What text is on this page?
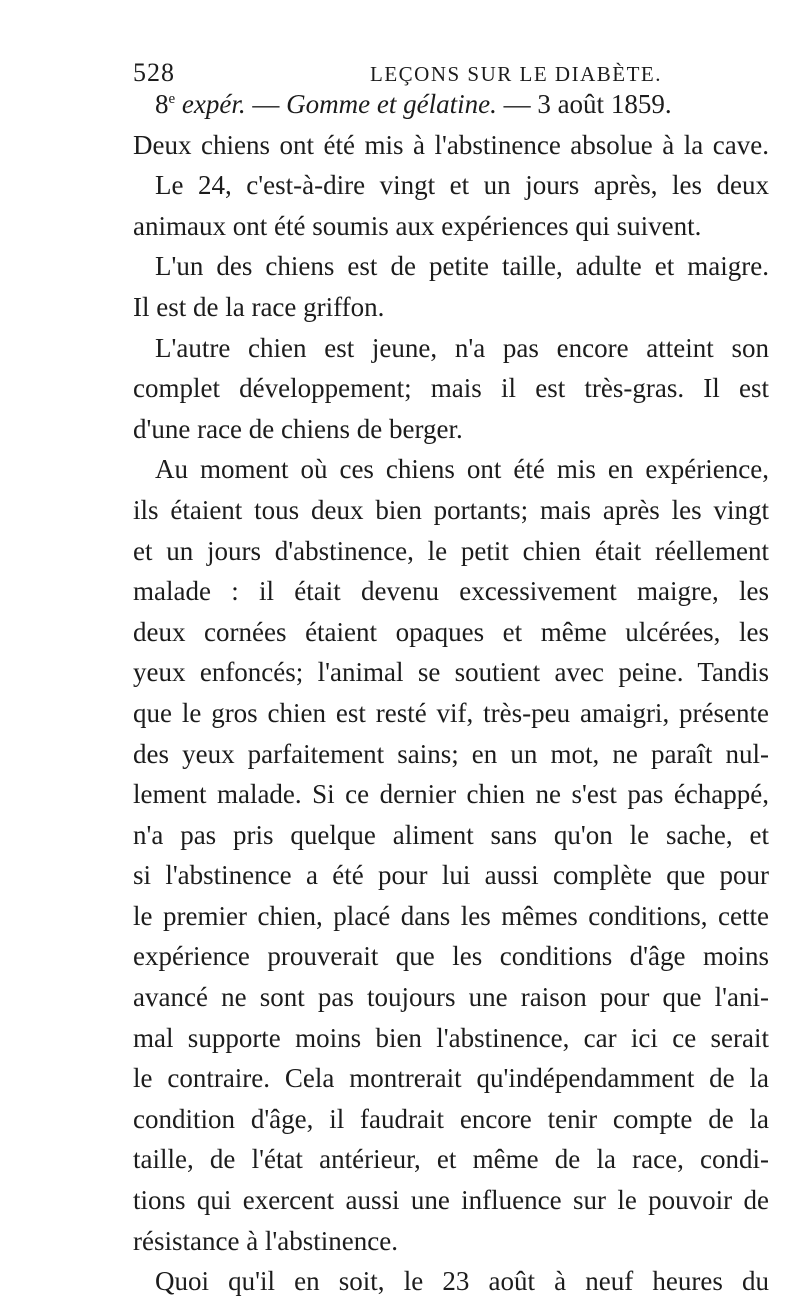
528	LEÇONS SUR LE DIABÈTE.
8e expér. — Gomme et gélatine. — 3 août 1859.
Deux chiens ont été mis à l'abstinence absolue à la cave.
Le 24, c'est-à-dire vingt et un jours après, les deux
animaux ont été soumis aux expériences qui suivent.
L'un des chiens est de petite taille, adulte et maigre.
Il est de la race griffon.
L'autre chien est jeune, n'a pas encore atteint son
complet développement; mais il est très-gras. Il est
d'une race de chiens de berger.
Au moment où ces chiens ont été mis en expérience,
ils étaient tous deux bien portants; mais après les vingt
et un jours d'abstinence, le petit chien était réellement
malade : il était devenu excessivement maigre, les
deux cornées étaient opaques et même ulcérées, les
yeux enfoncés; l'animal se soutient avec peine. Tandis
que le gros chien est resté vif, très-peu amaigri, présente
des yeux parfaitement sains; en un mot, ne paraît nul-
lement malade. Si ce dernier chien ne s'est pas échappé,
n'a pas pris quelque aliment sans qu'on le sache, et
si l'abstinence a été pour lui aussi complète que pour
le premier chien, placé dans les mêmes conditions, cette
expérience prouverait que les conditions d'âge moins
avancé ne sont pas toujours une raison pour que l'ani-
mal supporte moins bien l'abstinence, car ici ce serait
le contraire. Cela montrerait qu'indépendamment de la
condition d'âge, il faudrait encore tenir compte de la
taille, de l'état antérieur, et même de la race, condi-
tions qui exercent aussi une influence sur le pouvoir de
résistance à l'abstinence.
Quoi qu'il en soit, le 23 août à neuf heures du
